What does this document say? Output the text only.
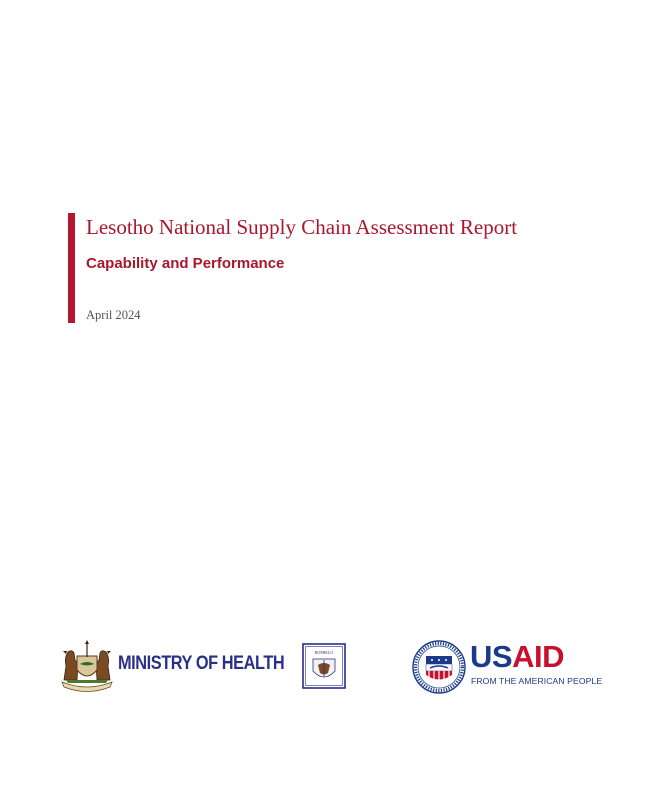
Lesotho National Supply Chain Assessment Report
Capability and Performance

April 2024

MINISTRY OF HEALTH

BOPHELO	USAID

FROM THE AMERICAN PEOPLE
